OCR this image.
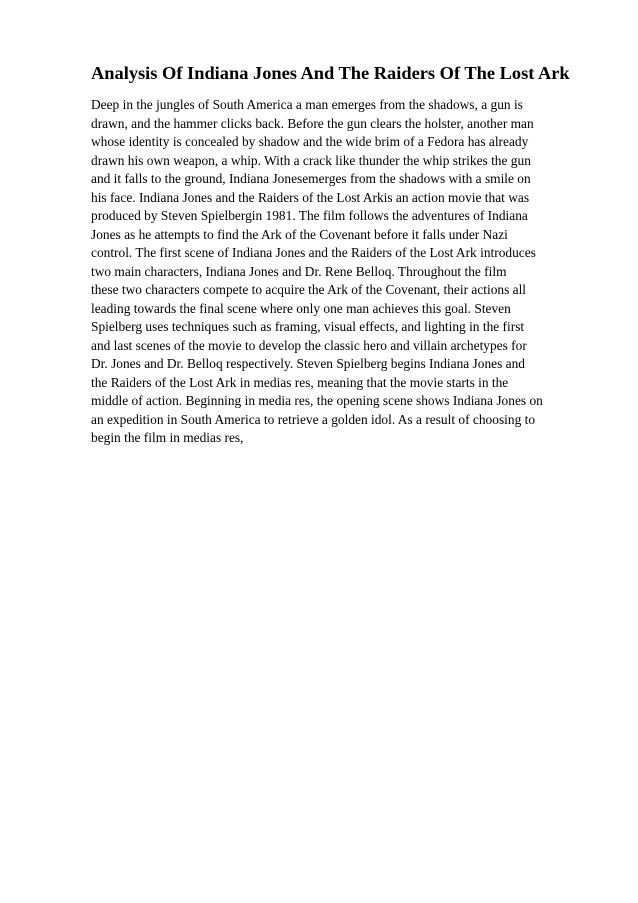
Analysis Of Indiana Jones And The Raiders Of The Lost Ark
Deep in the jungles of South America a man emerges from the shadows, a gun is
drawn, and the hammer clicks back. Before the gun clears the holster, another man
whose identity is concealed by shadow and the wide brim of a Fedora has already
drawn his own weapon, a whip. With a crack like thunder the whip strikes the gun
and it falls to the ground, Indiana Jonesemerges from the shadows with a smile on
his face. Indiana Jones and the Raiders of the Lost Arkis an action movie that was
produced by Steven Spielbergin 1981. The film follows the adventures of Indiana
Jones as he attempts to find the Ark of the Covenant before it falls under Nazi
control. The first scene of Indiana Jones and the Raiders of the Lost Ark introduces
two main characters, Indiana Jones and Dr. Rene Belloq. Throughout the film
these two characters compete to acquire the Ark of the Covenant, their actions all
leading towards the final scene where only one man achieves this goal. Steven
Spielberg uses techniques such as framing, visual effects, and lighting in the first
and last scenes of the movie to develop the classic hero and villain archetypes for
Dr. Jones and Dr. Belloq respectively. Steven Spielberg begins Indiana Jones and
the Raiders of the Lost Ark in medias res, meaning that the movie starts in the
middle of action. Beginning in media res, the opening scene shows Indiana Jones on
an expedition in South America to retrieve a golden idol. As a result of choosing to
begin the film in medias res,
